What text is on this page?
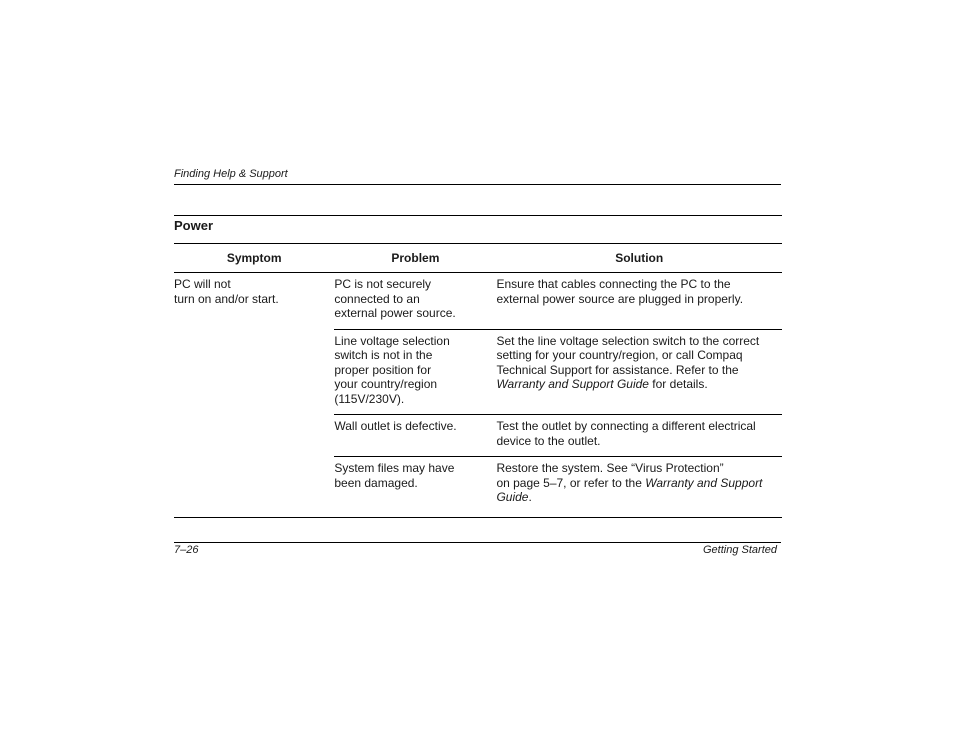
Finding Help & Support
Power
Symptom	Problem	Solution
PC will not
turn on and/or start.	PC is not securely
connected to an
external power source.	Ensure that cables connecting the PC to the external power source are plugged in properly.
	Line voltage selection
switch is not in the
proper position for
your country/region
(115V/230V).	Set the line voltage selection switch to the correct setting for your country/region, or call Compaq Technical Support for assistance. Refer to the Warranty and Support Guide for details.
	Wall outlet is defective.	Test the outlet by connecting a different electrical device to the outlet.
	System files may have
been damaged.	Restore the system. See “Virus Protection”
on page 5–7, or refer to the Warranty and Support Guide.
7–26	Getting Started
